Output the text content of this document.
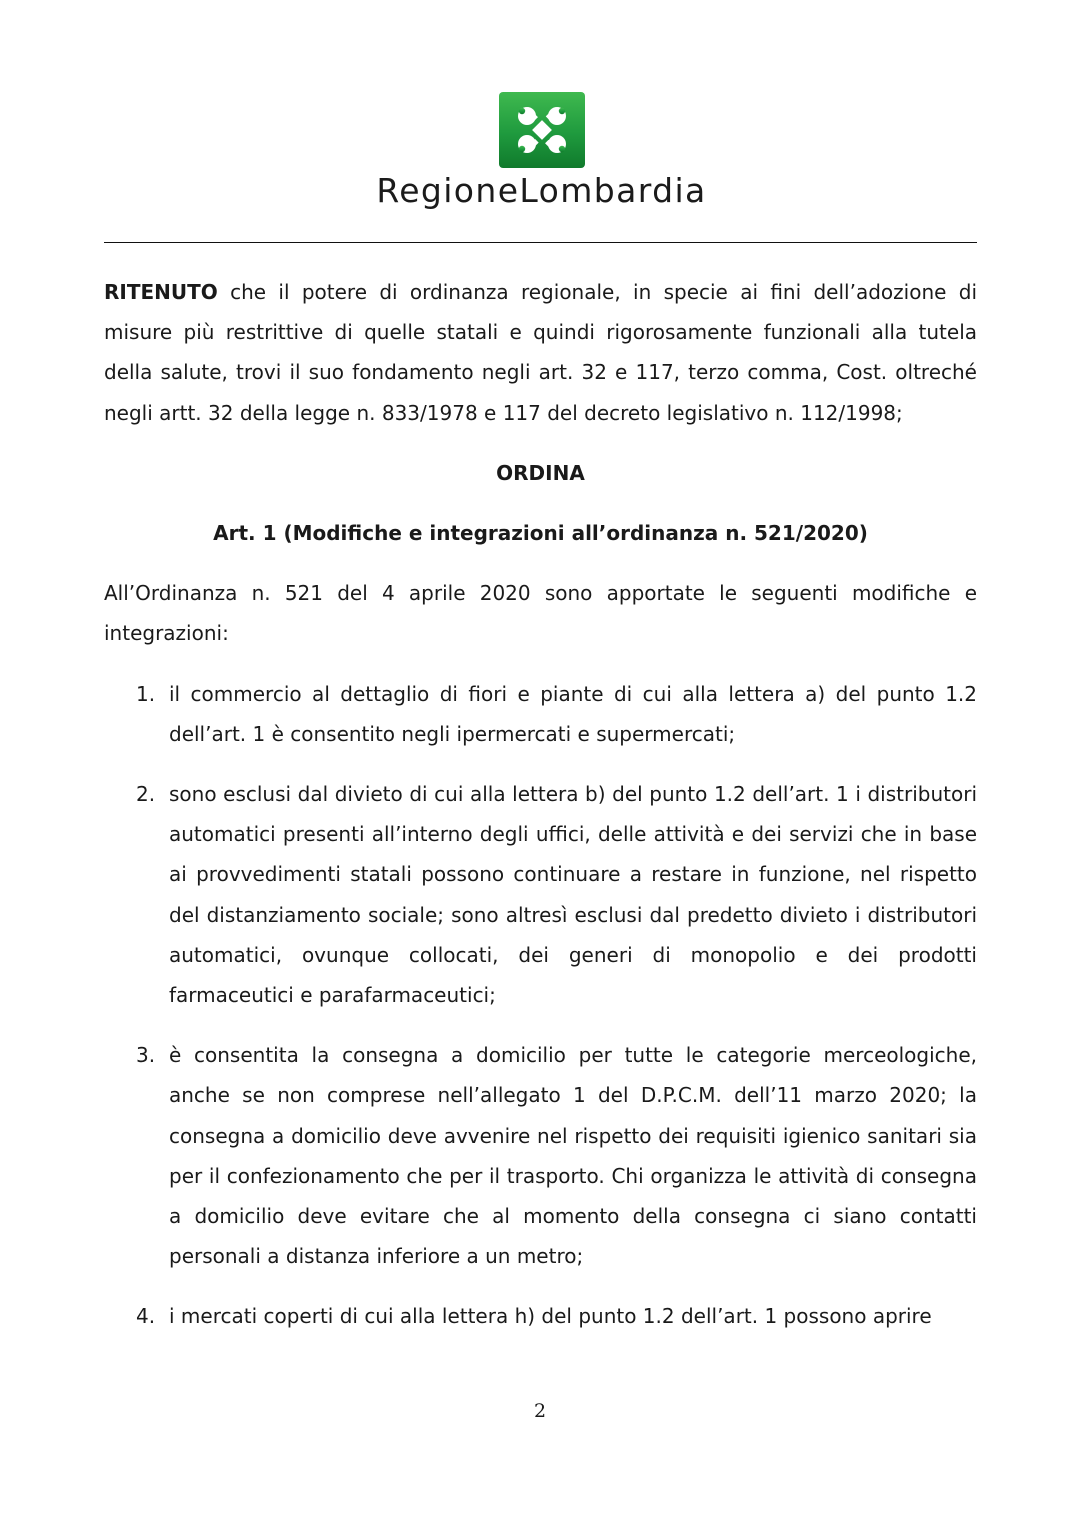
RegioneLombardia

RITENUTO che il potere di ordinanza regionale, in specie ai fini dell’adozione di misure più restrittive di quelle statali e quindi rigorosamente funzionali alla tutela della salute, trovi il suo fondamento negli art. 32 e 117, terzo comma, Cost. oltreché negli artt. 32 della legge n. 833/1978 e 117 del decreto legislativo n. 112/1998;

ORDINA

Art. 1 (Modifiche e integrazioni all’ordinanza n. 521/2020)

All’Ordinanza n. 521 del 4 aprile 2020 sono apportate le seguenti modifiche e integrazioni:

1. il commercio al dettaglio di fiori e piante di cui alla lettera a) del punto 1.2 dell’art. 1 è consentito negli ipermercati e supermercati;
2. sono esclusi dal divieto di cui alla lettera b) del punto 1.2 dell’art. 1 i distributori automatici presenti all’interno degli uffici, delle attività e dei servizi che in base ai provvedimenti statali possono continuare a restare in funzione, nel rispetto del distanziamento sociale; sono altresì esclusi dal predetto divieto i distributori automatici, ovunque collocati, dei generi di monopolio e dei prodotti farmaceutici e parafarmaceutici;
3. è consentita la consegna a domicilio per tutte le categorie merceologiche, anche se non comprese nell’allegato 1 del D.P.C.M. dell’11 marzo 2020; la consegna a domicilio deve avvenire nel rispetto dei requisiti igienico sanitari sia per il confezionamento che per il trasporto. Chi organizza le attività di consegna a domicilio deve evitare che al momento della consegna ci siano contatti personali a distanza inferiore a un metro;
4. i mercati coperti di cui alla lettera h) del punto 1.2 dell’art. 1 possono aprire
2
